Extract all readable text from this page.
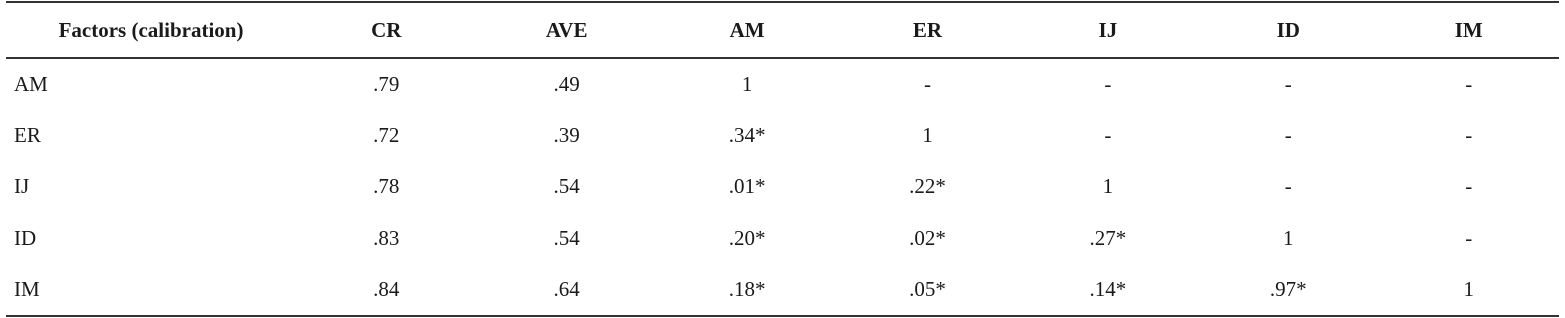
Factors (calibration)	CR	AVE	AM	ER	IJ	ID	IM
AM	.79	.49	1	-	-	-	-
ER	.72	.39	.34*	1	-	-	-
IJ	.78	.54	.01*	.22*	1	-	-
ID	.83	.54	.20*	.02*	.27*	1	-
IM	.84	.64	.18*	.05*	.14*	.97*	1
